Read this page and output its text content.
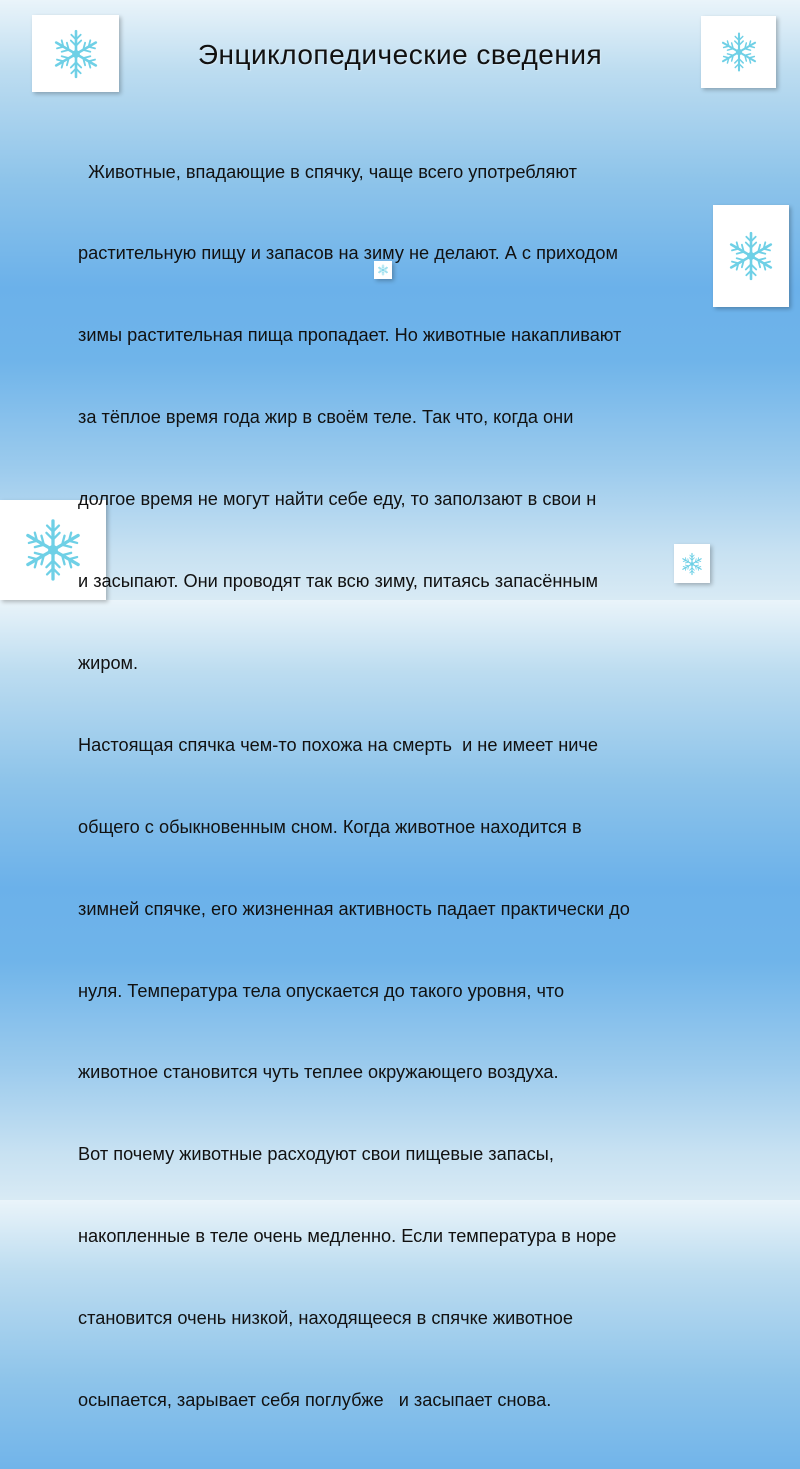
Энциклопедические сведения

Животные, впадающие в спячку, чаще всего употребляют

растительную пищу и запасов на зиму не делают. А с приходом

зимы растительная пища пропадает. Но животные накапливают

за тёплое время года жир в своём теле. Так что, когда они

долгое время не могут найти себе еду, то заползают в свои н

и засыпают. Они проводят так всю зиму, питаясь запасённым

жиром.

Настоящая спячка чем-то похожа на смерть  и не имеет ниче

общего с обыкновенным сном. Когда животное находится в

зимней спячке, его жизненная активность падает практически до

нуля. Температура тела опускается до такого уровня, что

животное становится чуть теплее окружающего воздуха.

Вот почему животные расходуют свои пищевые запасы,

накопленные в теле очень медленно. Если температура в норе

становится очень низкой, находящееся в спячке животное

осыпается, зарывает себя поглубже   и засыпает снова.
